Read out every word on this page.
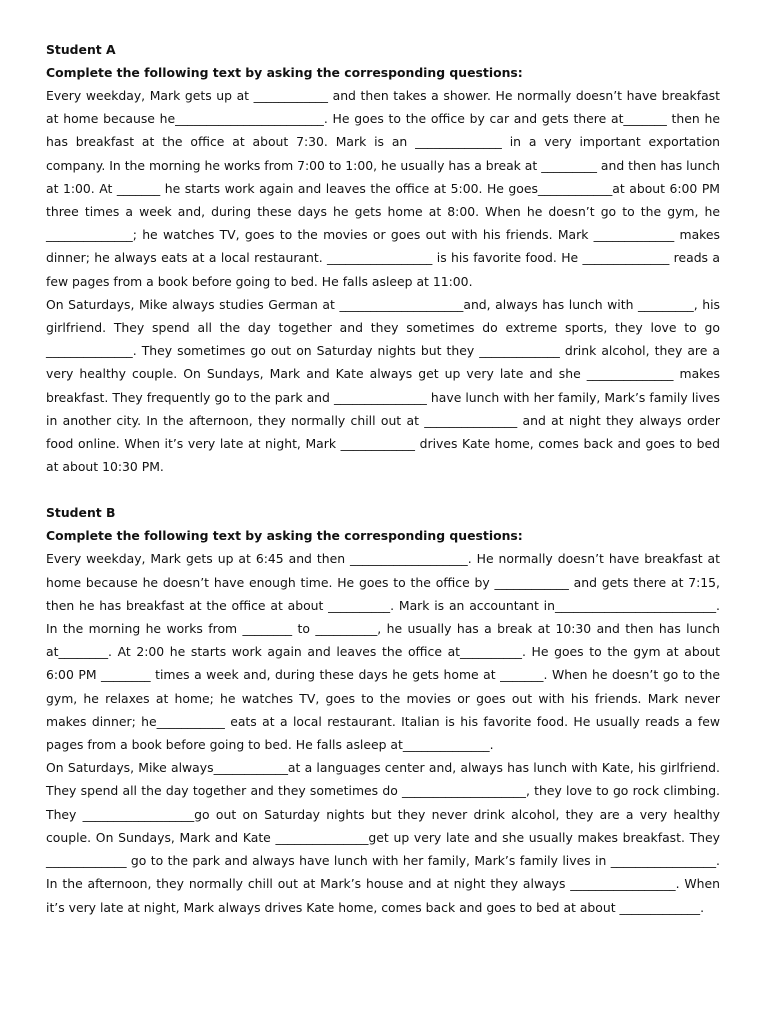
Student A
Complete the following text by asking the corresponding questions:

Every weekday, Mark gets up at ____________ and then takes a shower. He normally doesn’t have breakfast at home because he________________________. He goes to the office by car and gets there at_______ then he has breakfast at the office at about 7:30. Mark is an ______________ in a very important exportation company. In the morning he works from 7:00 to 1:00, he usually has a break at _________ and then has lunch at 1:00. At _______ he starts work again and leaves the office at 5:00. He goes____________at about 6:00 PM three times a week and, during these days he gets home at 8:00. When he doesn’t go to the gym, he ______________; he watches TV, goes to the movies or goes out with his friends. Mark _____________ makes dinner; he always eats at a local restaurant. _________________ is his favorite food. He ______________ reads a few pages from a book before going to bed. He falls asleep at 11:00.

On Saturdays, Mike always studies German at ____________________and, always has lunch with _________, his girlfriend. They spend all the day together and they sometimes do extreme sports, they love to go ______________. They sometimes go out on Saturday nights but they _____________ drink alcohol, they are a very healthy couple. On Sundays, Mark and Kate always get up very late and she ______________ makes breakfast. They frequently go to the park and _______________ have lunch with her family, Mark’s family lives in another city. In the afternoon, they normally chill out at _______________ and at night they always order food online. When it’s very late at night, Mark ____________ drives Kate home, comes back and goes to bed at about 10:30 PM.

Student B
Complete the following text by asking the corresponding questions:

Every weekday, Mark gets up at 6:45 and then ___________________. He normally doesn’t have breakfast at home because he doesn’t have enough time. He goes to the office by ____________ and gets there at 7:15, then he has breakfast at the office at about __________. Mark is an accountant in__________________________. In the morning he works from ________ to __________, he usually has a break at 10:30 and then has lunch at________. At 2:00 he starts work again and leaves the office at__________. He goes to the gym at about 6:00 PM ________ times a week and, during these days he gets home at _______. When he doesn’t go to the gym, he relaxes at home; he watches TV, goes to the movies or goes out with his friends. Mark never makes dinner; he___________ eats at a local restaurant. Italian is his favorite food. He usually reads a few pages from a book before going to bed. He falls asleep at______________.

On Saturdays, Mike always____________at a languages center and, always has lunch with Kate, his girlfriend. They spend all the day together and they sometimes do ____________________, they love to go rock climbing. They __________________go out on Saturday nights but they never drink alcohol, they are a very healthy couple. On Sundays, Mark and Kate _______________get up very late and she usually makes breakfast. They _____________ go to the park and always have lunch with her family, Mark’s family lives in _________________. In the afternoon, they normally chill out at Mark’s house and at night they always _________________. When it’s very late at night, Mark always drives Kate home, comes back and goes to bed at about _____________.
